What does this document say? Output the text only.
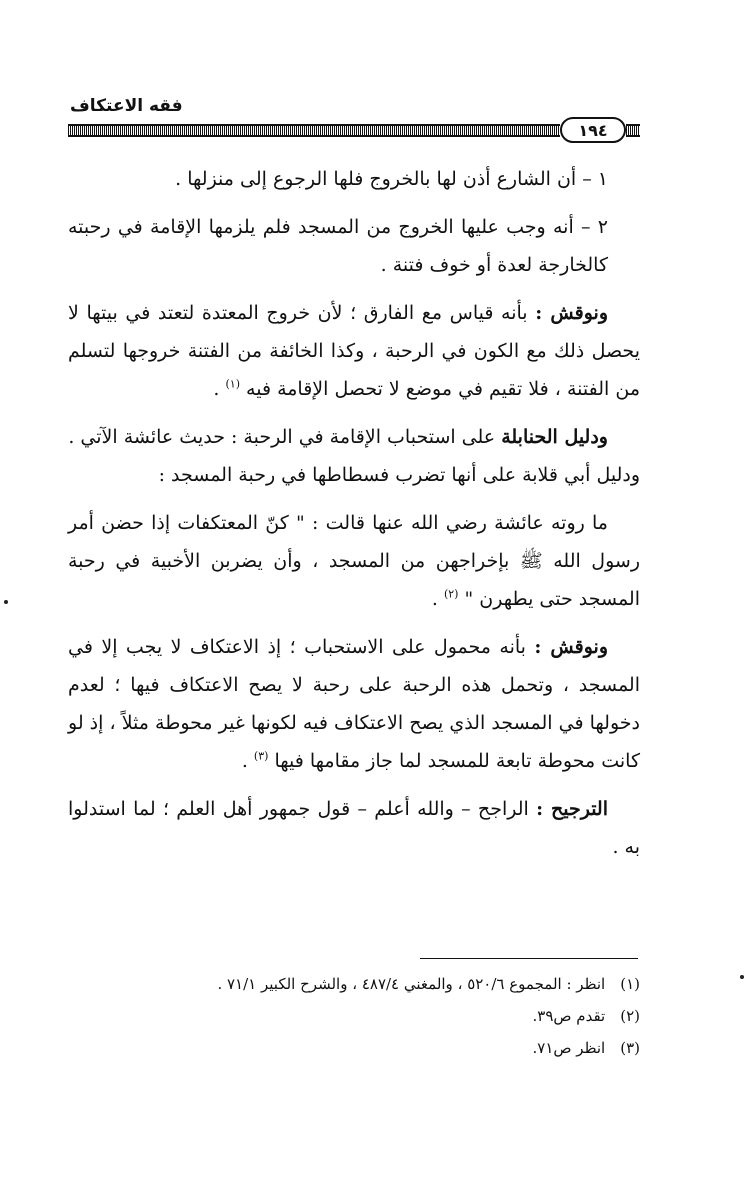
فقه الاعتكاف
١٩٤

١ – أن الشارع أذن لها بالخروج فلها الرجوع إلى منزلها .

٢ – أنه وجب عليها الخروج من المسجد فلم يلزمها الإقامة في رحبته كالخارجة لعدة أو خوف فتنة .

ونوقش : بأنه قياس مع الفارق ؛ لأن خروج المعتدة لتعتد في بيتها لا يحصل ذلك مع الكون في الرحبة ، وكذا الخائفة من الفتنة خروجها لتسلم من الفتنة ، فلا تقيم في موضع لا تحصل الإقامة فيه $^{(١)}$ .

ودليل الحنابلة على استحباب الإقامة في الرحبة : حديث عائشة الآتي .

ودليل أبي قلابة على أنها تضرب فسطاطها في رحبة المسجد :

ما روته عائشة رضي الله عنها قالت : " كنّ المعتكفات إذا حضن أمر رسول الله ﷺ بإخراجهن من المسجد ، وأن يضربن الأخبية في رحبة المسجد حتى يطهرن " $^{(٢)}$ .

ونوقش : بأنه محمول على الاستحباب ؛ إذ الاعتكاف لا يجب إلا في المسجد ، وتحمل هذه الرحبة على رحبة لا يصح الاعتكاف فيها ؛ لعدم دخولها في المسجد الذي يصح الاعتكاف فيه لكونها غير محوطة مثلاً ، إذ لو كانت محوطة تابعة للمسجد لما جاز مقامها فيها $^{(٣)}$ .

الترجيح : الراجح – والله أعلم – قول جمهور أهل العلم ؛ لما استدلوا به .

(١) انظر : المجموع ٥٢٠/٦ ، والمغني ٤٨٧/٤ ، والشرح الكبير ٧١/١ .

(٢) تقدم ص٣٩.

(٣) انظر ص٧١.
